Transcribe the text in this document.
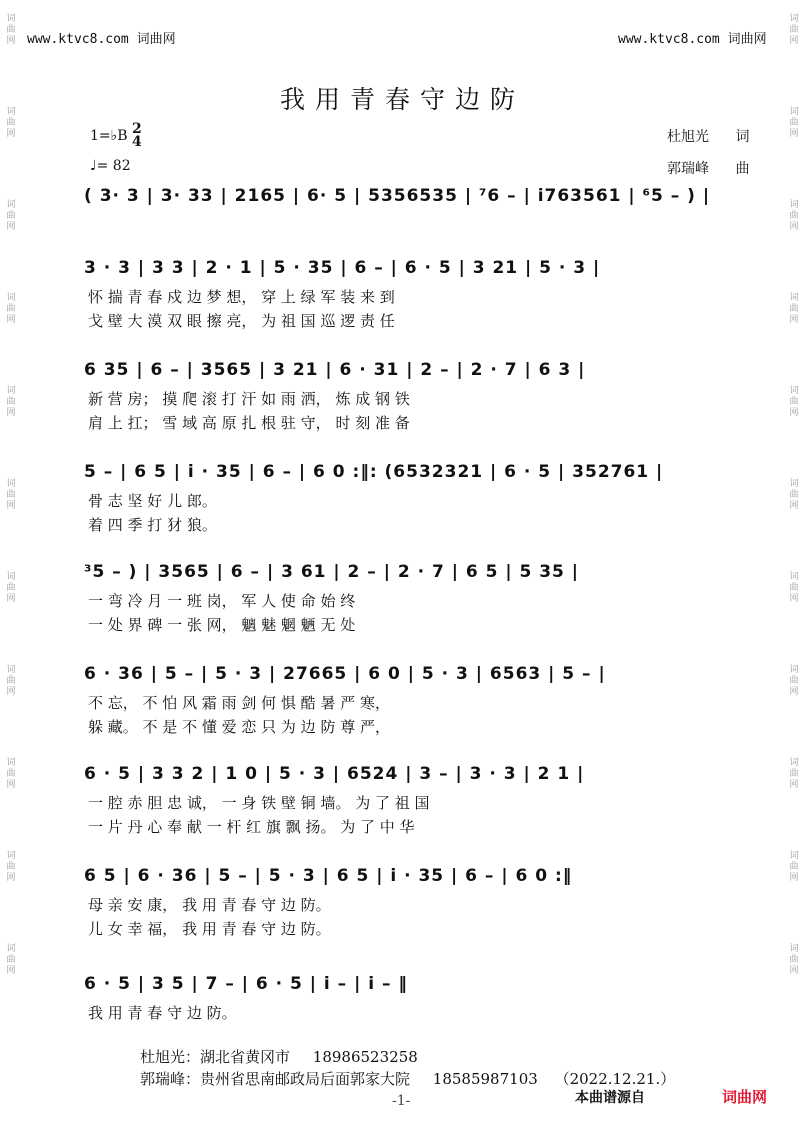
www.ktvc8.com 词曲网	www.ktvc8.com 词曲网
词
曲
网
词
曲
网
词
曲
网
词
曲
网
词
曲
网
词
曲
网
词
曲
网
词
曲
网
词
曲
网
词
曲
网
词
曲
网
词
曲
网
词
曲
网
词
曲
网
词
曲
网
词
曲
网
词
曲
网
词
曲
网
词
曲
网
词
曲
网
词
曲
网
词
曲
网
我用青春守边防
1=♭B 2
4
♩= 82
杜旭光 词
郭瑞峰 曲
( 3· 3 | 3· 33 | 2165 | 6· 5 | 5356535 | ⁷6 – | i763561 | ⁶5 – ) |
3 · 3 | 3 3 | 2 · 1 | 5 · 35 | 6 – | 6 · 5 | 3 21 | 5 · 3 |
怀 揣 青 春 戍 边 梦 想， 穿 上 绿 军 装 来 到
戈 壁 大 漠 双 眼 擦 亮， 为 祖 国 巡 逻 责 任
6 35 | 6 – | 3565 | 3 21 | 6 · 31 | 2 – | 2 · 7 | 6 3 |
新 营 房； 摸 爬 滚 打 汗 如 雨 洒， 炼 成 钢 铁
肩 上 扛； 雪 域 高 原 扎 根 驻 守， 时 刻 准 备
5 – | 6 5 | i · 35 | 6 – | 6 0 :‖: (6532321 | 6 · 5 | 352761 |
骨 志 坚 好 儿 郎。
着 四 季 打 犲 狼。
³5 – ) | 3565 | 6 – | 3 61 | 2 – | 2 · 7 | 6 5 | 5 35 |
一 弯 冷 月 一 班 岗， 军 人 使 命 始 终
一 处 界 碑 一 张 网， 魑 魅 魍 魉 无 处
6 · 36 | 5 – | 5 · 3 | 27665 | 6 0 | 5 · 3 | 6563 | 5 – |
不 忘， 不 怕 风 霜 雨 剑 何 惧 酷 暑 严 寒，
躲 藏。 不 是 不 懂 爱 恋 只 为 边 防 尊 严，
6 · 5 | 3 3 2 | 1 0 | 5 · 3 | 6524 | 3 – | 3 · 3 | 2 1 |
一 腔 赤 胆 忠 诚， 一 身 铁 壁 铜 墙。 为 了 祖 国
一 片 丹 心 奉 献 一 杆 红 旗 飘 扬。 为 了 中 华
6 5 | 6 · 36 | 5 – | 5 · 3 | 6 5 | i · 35 | 6 – | 6 0 :‖
母 亲 安 康， 我 用 青 春 守 边 防。
儿 女 幸 福， 我 用 青 春 守 边 防。
6 · 5 | 3 5 | 7 – | 6 · 5 | i – | i – ‖
我 用 青 春 守 边 防。
杜旭光：湖北省黄冈市 18986523258
郭瑞峰：贵州省思南邮政局后面郭家大院 18585987103 （2022.12.21.）
-1-	本曲谱源自	词曲网
